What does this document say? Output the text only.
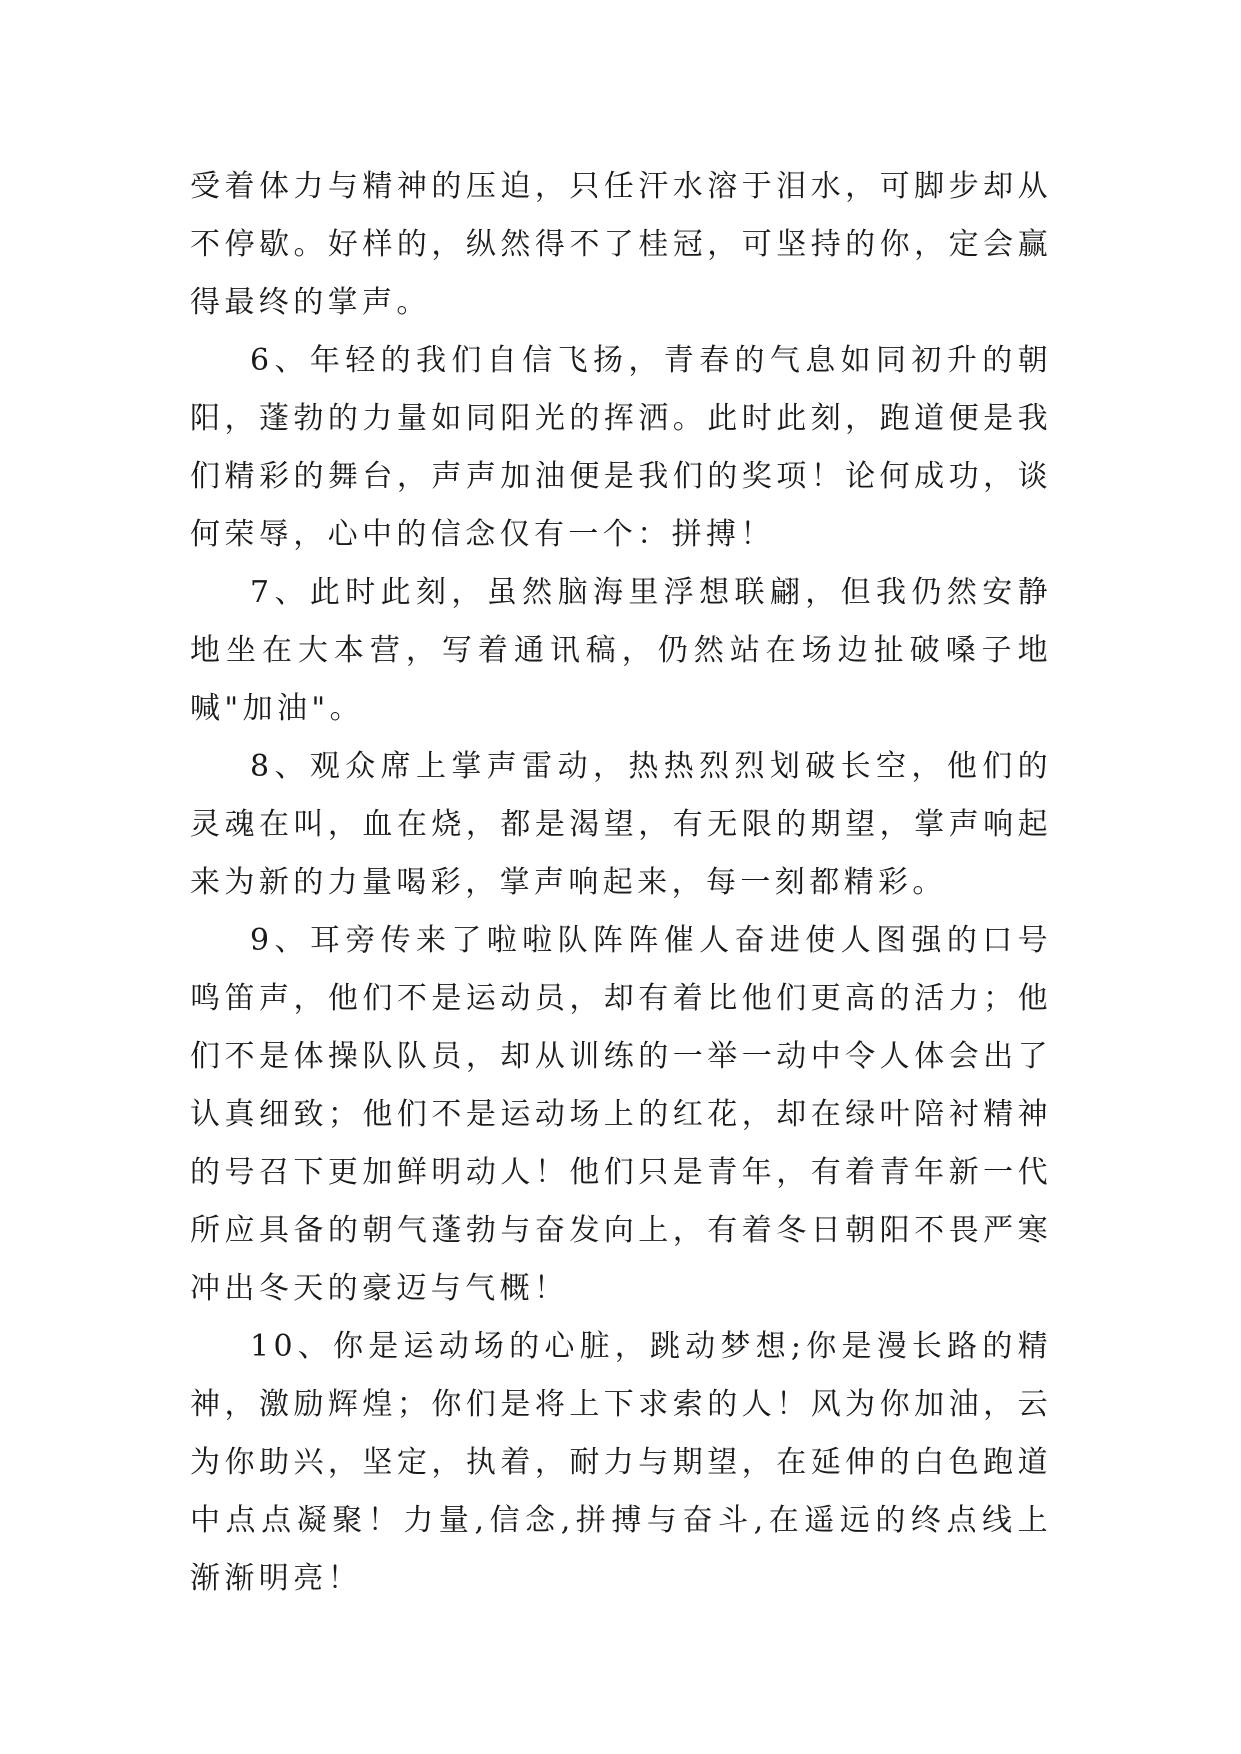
受着体力与精神的压迫，只任汗水溶于泪水，可脚步却从不停歇。好样的，纵然得不了桂冠，可坚持的你，定会赢得最终的掌声。

6、年轻的我们自信飞扬，青春的气息如同初升的朝阳，蓬勃的力量如同阳光的挥洒。此时此刻，跑道便是我们精彩的舞台，声声加油便是我们的奖项！论何成功，谈何荣辱，心中的信念仅有一个：拼搏！

7、此时此刻，虽然脑海里浮想联翩，但我仍然安静地坐在大本营，写着通讯稿，仍然站在场边扯破嗓子地喊"加油"。

8、观众席上掌声雷动，热热烈烈划破长空，他们的灵魂在叫，血在烧，都是渴望，有无限的期望，掌声响起来为新的力量喝彩，掌声响起来，每一刻都精彩。

9、耳旁传来了啦啦队阵阵催人奋进使人图强的口号鸣笛声，他们不是运动员，却有着比他们更高的活力；他们不是体操队队员，却从训练的一举一动中令人体会出了认真细致；他们不是运动场上的红花，却在绿叶陪衬精神的号召下更加鲜明动人！他们只是青年，有着青年新一代所应具备的朝气蓬勃与奋发向上，有着冬日朝阳不畏严寒冲出冬天的豪迈与气概！

10、你是运动场的心脏，跳动梦想;你是漫长路的精神，激励辉煌；你们是将上下求索的人！风为你加油，云为你助兴，坚定，执着，耐力与期望，在延伸的白色跑道中点点凝聚！力量,信念,拼搏与奋斗,在遥远的终点线上渐渐明亮！
